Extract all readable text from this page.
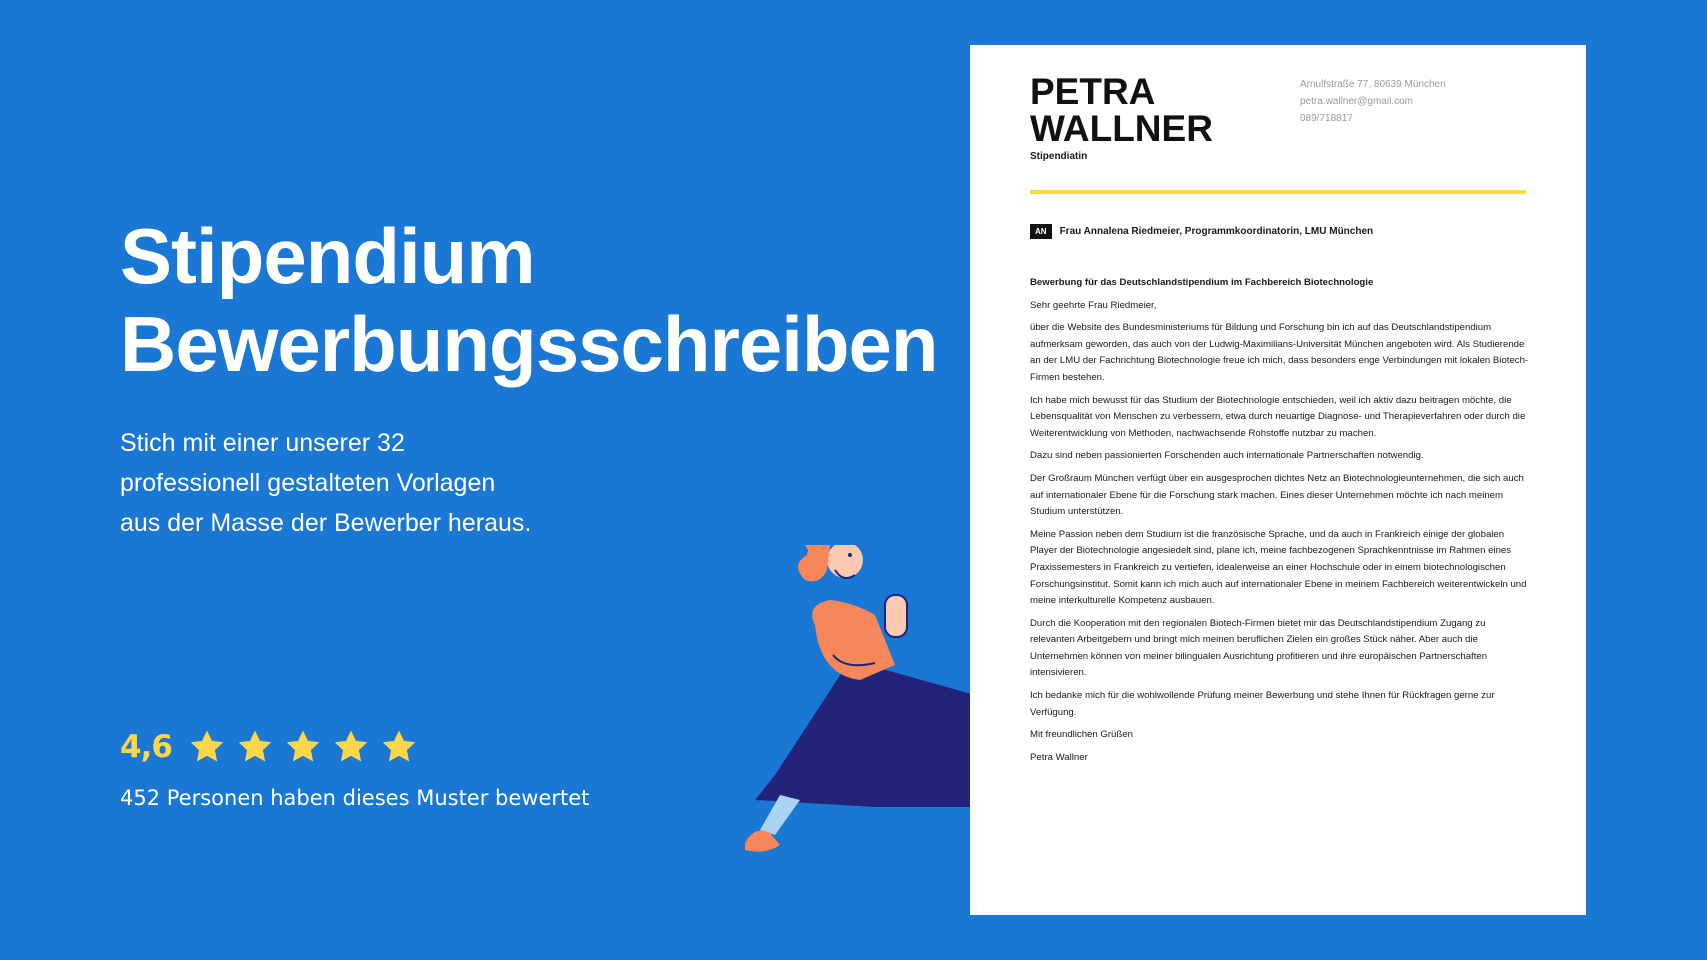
Stipendium
Bewerbungsschreiben
Stich mit einer unserer 32
professionell gestalteten Vorlagen
aus der Masse der Bewerber heraus.
4,6
452 Personen haben dieses Muster bewertet
PETRA
WALLNER
Stipendiatin
Arnulfstraße 77, 80639 München
petra.wallner@gmail.com
089/718817
AN	Frau Annalena Riedmeier, Programmkoordinatorin, LMU München

Bewerbung für das Deutschlandstipendium im Fachbereich Biotechnologie

Sehr geehrte Frau Riedmeier,

über die Website des Bundesministeriums für Bildung und Forschung bin ich auf das Deutschlandstipendium aufmerksam geworden, das auch von der Ludwig-Maximilians-Universität München angeboten wird. Als Studierende an der LMU der Fachrichtung Biotechnologie freue ich mich, dass besonders enge Verbindungen mit lokalen Biotech-Firmen bestehen.

Ich habe mich bewusst für das Studium der Biotechnologie entschieden, weil ich aktiv dazu beitragen möchte, die Lebensqualität von Menschen zu verbessern, etwa durch neuartige Diagnose- und Therapieverfahren oder durch die Weiterentwicklung von Methoden, nachwachsende Rohstoffe nutzbar zu machen.

Dazu sind neben passionierten Forschenden auch internationale Partnerschaften notwendig.

Der Großraum München verfügt über ein ausgesprochen dichtes Netz an Biotechnologieunternehmen, die sich auch auf internationaler Ebene für die Forschung stark machen. Eines dieser Unternehmen möchte ich nach meinem Studium unterstützen.

Meine Passion neben dem Studium ist die französische Sprache, und da auch in Frankreich einige der globalen Player der Biotechnologie angesiedelt sind, plane ich, meine fachbezogenen Sprachkenntnisse im Rahmen eines Praxissemesters in Frankreich zu vertiefen, idealerweise an einer Hochschule oder in einem biotechnologischen Forschungsinstitut. Somit kann ich mich auch auf internationaler Ebene in meinem Fachbereich weiterentwickeln und meine interkulturelle Kompetenz ausbauen.

Durch die Kooperation mit den regionalen Biotech-Firmen bietet mir das Deutschlandstipendium Zugang zu relevanten Arbeitgebern und bringt mich meinen beruflichen Zielen ein großes Stück näher. Aber auch die Unternehmen können von meiner bilingualen Ausrichtung profitieren und ihre europäischen Partnerschaften intensivieren.

Ich bedanke mich für die wohlwollende Prüfung meiner Bewerbung und stehe Ihnen für Rückfragen gerne zur Verfügung.

Mit freundlichen Grüßen

Petra Wallner
